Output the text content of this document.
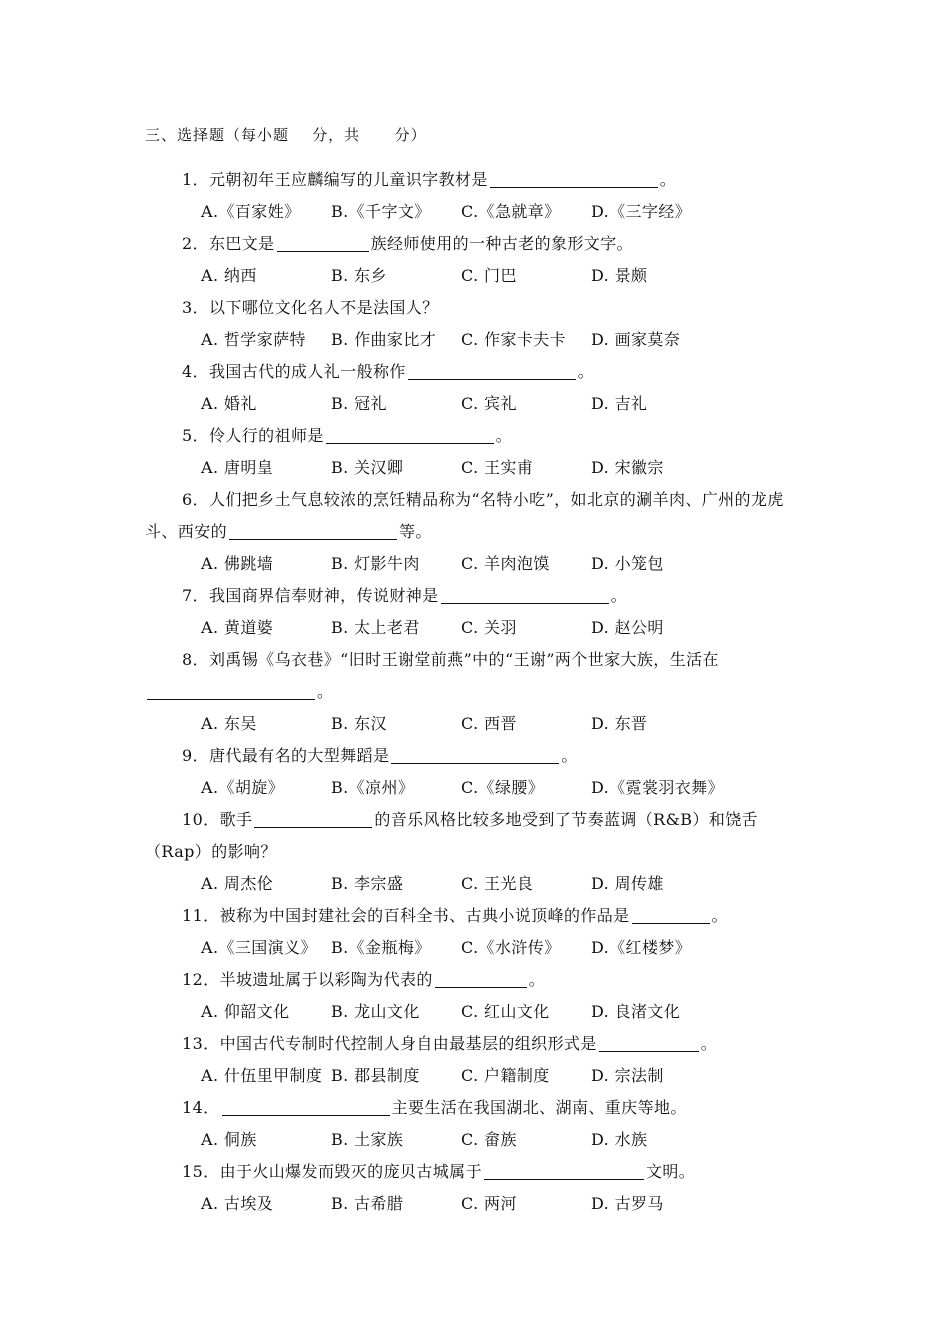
三、选择题（每小题    分，共      分）
1．元朝初年王应麟编写的儿童识字教材是	。
A.《百家姓》	B.《千字文》	C.《急就章》	D.《三字经》
2．东巴文是	族经师使用的一种古老的象形文字。
A. 纳西	B. 东乡	C. 门巴	D. 景颇
3．以下哪位文化名人不是法国人？
A. 哲学家萨特	B. 作曲家比才	C. 作家卡夫卡	D. 画家莫奈
4．我国古代的成人礼一般称作	。
A. 婚礼	B. 冠礼	C. 宾礼	D. 吉礼
5．伶人行的祖师是	。
A. 唐明皇	B. 关汉卿	C. 王实甫	D. 宋徽宗
6．人们把乡土气息较浓的烹饪精品称为“名特小吃”，如北京的涮羊肉、广州的龙虎斗、西安的	等。
A. 佛跳墙	B. 灯影牛肉	C. 羊肉泡馍	D. 小笼包
7．我国商界信奉财神，传说财神是	。
A. 黄道婆	B. 太上老君	C. 关羽	D. 赵公明
8．刘禹锡《乌衣巷》“旧时王谢堂前燕”中的“王谢”两个世家大族，生活在。
A. 东吴	B. 东汉	C. 西晋	D. 东晋
9．唐代最有名的大型舞蹈是	。
A.《胡旋》	B.《凉州》	C.《绿腰》	D.《霓裳羽衣舞》
10．歌手	的音乐风格比较多地受到了节奏蓝调（R&B）和饶舌（Rap）的影响？
A. 周杰伦	B. 李宗盛	C. 王光良	D. 周传雄
11．被称为中国封建社会的百科全书、古典小说顶峰的作品是	。
A.《三国演义》 B.《金瓶梅》	C.《水浒传》	D.《红楼梦》
12．半坡遗址属于以彩陶为代表的	。
A. 仰韶文化	B. 龙山文化	C. 红山文化	D. 良渚文化
13．中国古代专制时代控制人身自由最基层的组织形式是	。
A. 什伍里甲制度 B. 郡县制度	C. 户籍制度	D. 宗法制
14．	主要生活在我国湖北、湖南、重庆等地。
A. 侗族	B. 土家族	C. 畲族	D. 水族
15．由于火山爆发而毁灭的庞贝古城属于	文明。
A. 古埃及	B. 古希腊	C. 两河	D. 古罗马
